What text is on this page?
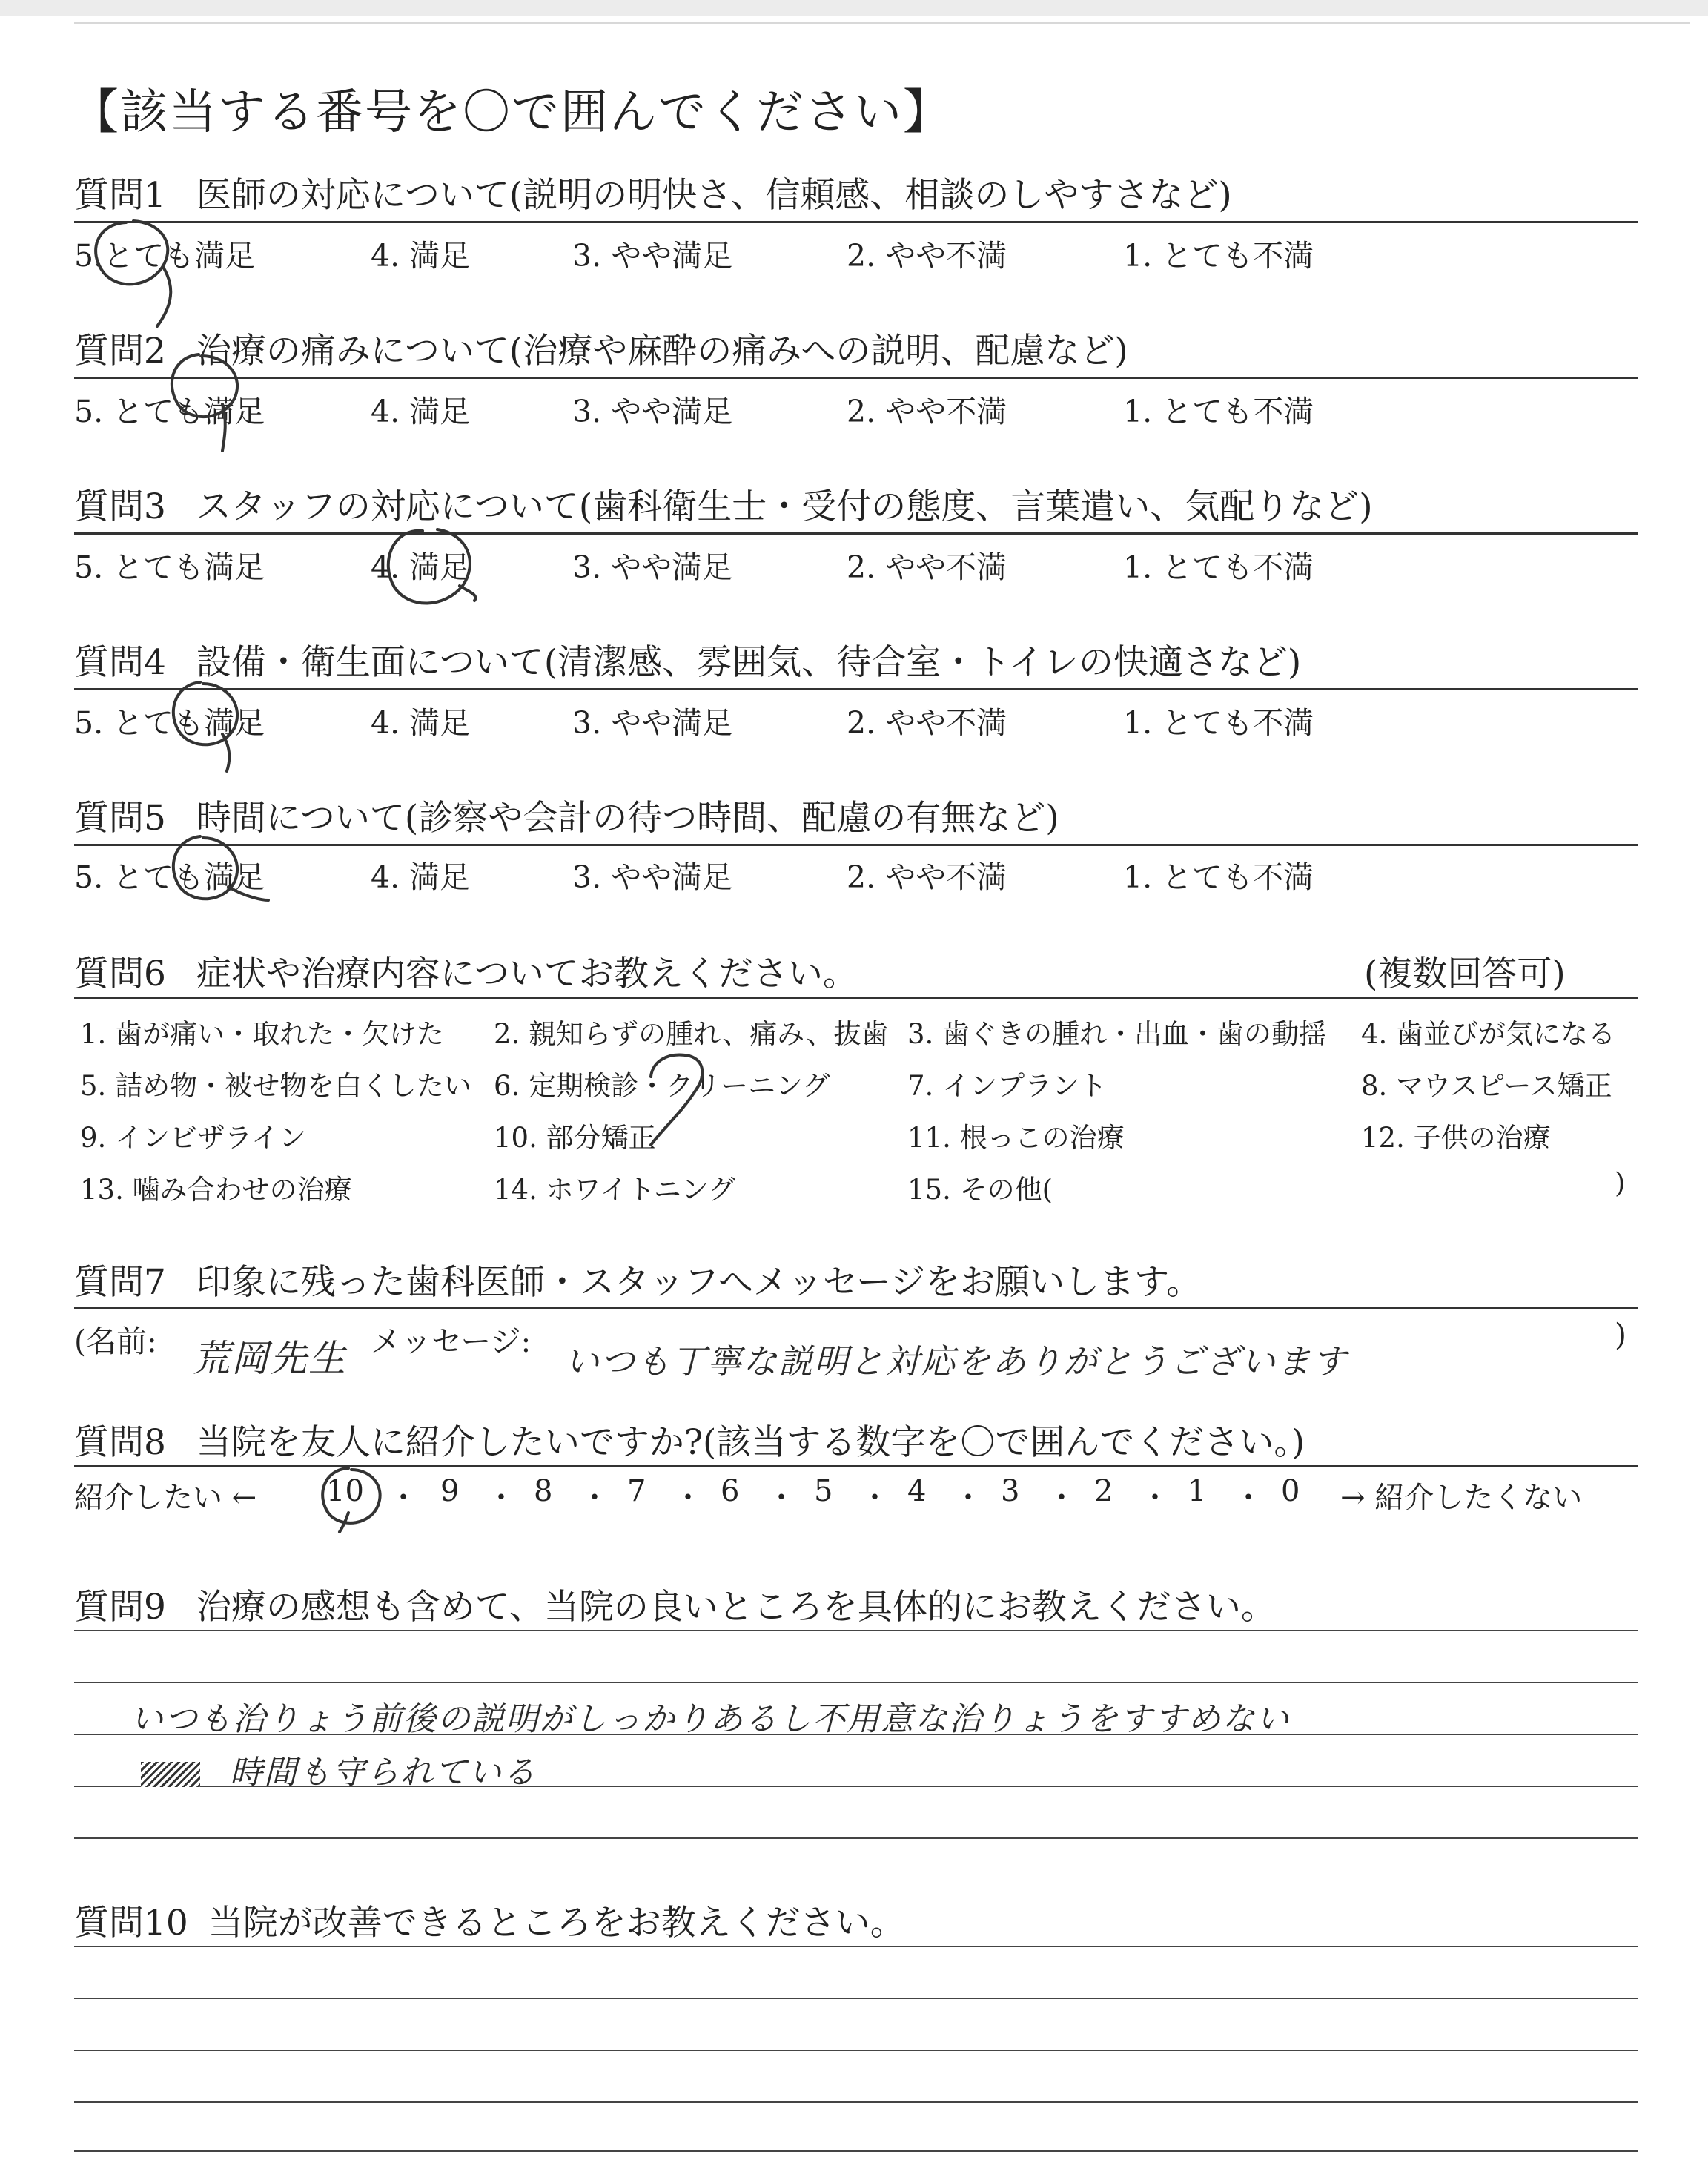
【該当する番号を〇で囲んでください】
質問1 医師の対応について(説明の明快さ、信頼感、相談のしやすさなど)
5.とても満足	4. 満足	3. やや満足	2. やや不満	1. とても不満
質問2 治療の痛みについて(治療や麻酔の痛みへの説明、配慮など)
5. とても満足	4. 満足	3. やや満足	2. やや不満	1. とても不満
質問3 スタッフの対応について(歯科衛生士・受付の態度、言葉遣い、気配りなど)
5. とても満足	4. 満足	3. やや満足	2. やや不満	1. とても不満
質問4 設備・衛生面について(清潔感、雰囲気、待合室・トイレの快適さなど)
5. とても満足	4. 満足	3. やや満足	2. やや不満	1. とても不満
質問5 時間について(診察や会計の待つ時間、配慮の有無など)
5. とても満足	4. 満足	3. やや満足	2. やや不満	1. とても不満
質問6 症状や治療内容についてお教えください。	(複数回答可)
1. 歯が痛い・取れた・欠けた 2. 親知らずの腫れ、痛み、抜歯 3. 歯ぐきの腫れ・出血・歯の動揺 4. 歯並びが気になる
5. 詰め物・被せ物を白くしたい 6. 定期検診・クリーニング	7. インプラント	8. マウスピース矯正
9. インビザライン	10. 部分矯正	11. 根っこの治療	12. 子供の治療
13. 噛み合わせの治療	14. ホワイトニング	15. その他(	)
質問7 印象に残った歯科医師・スタッフへメッセージをお願いします。
(名前: 荒岡先生 メッセージ: いつも丁寧な説明と対応をありがとうございます
)
質問8 当院を友人に紹介したいですか?(該当する数字を〇で囲んでください。)
紹介したい ← 10 ・ 9 ・ 8 ・ 7 ・ 6 ・ 5 ・ 4 ・ 3 ・ 2 ・ 1 ・ 0 → 紹介したくない
質問9 治療の感想も含めて、当院の良いところを具体的にお教えください。
いつも治りょう前後の説明がしっかりあるし不用意な治りょうをすすめない
時間も守られている
質問10 当院が改善できるところをお教えください。
